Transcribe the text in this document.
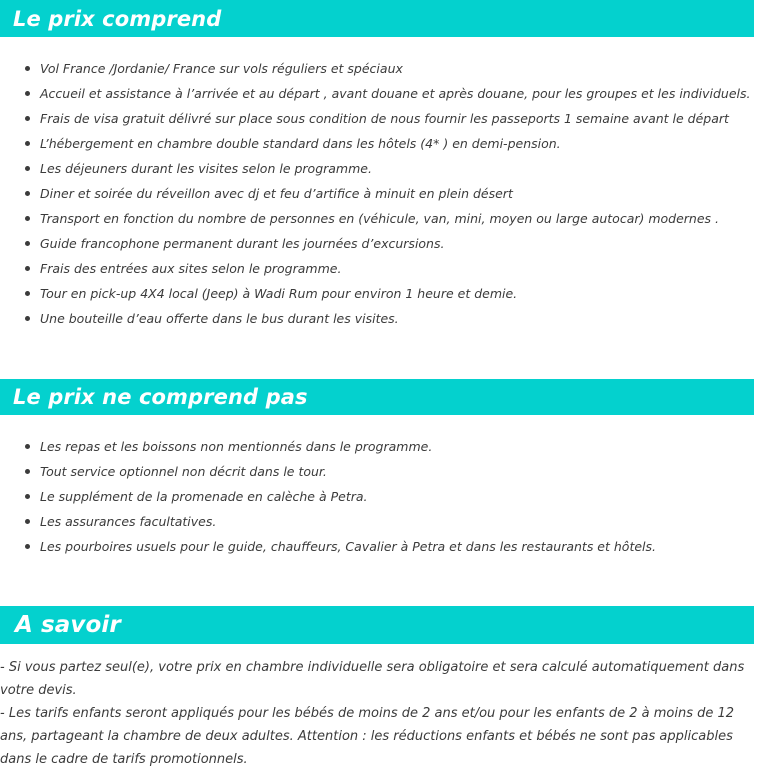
Le prix comprend
Vol France /Jordanie/ France sur vols réguliers et spéciaux
Accueil et assistance à l’arrivée et au départ , avant douane et après douane, pour les groupes et les individuels.
Frais de visa gratuit délivré sur place sous condition de nous fournir les passeports 1 semaine avant le départ
L’hébergement en chambre double standard dans les hôtels (4* ) en demi-pension.
Les déjeuners durant les visites selon le programme.
Diner et soirée du réveillon avec dj et feu d’artifice à minuit en plein désert
Transport en fonction du nombre de personnes en (véhicule, van, mini, moyen ou large autocar) modernes .
Guide francophone permanent durant les journées d’excursions.
Frais des entrées aux sites selon le programme.
Tour en pick-up 4X4 local (Jeep) à Wadi Rum pour environ 1 heure et demie.
Une bouteille d’eau offerte dans le bus durant les visites.
Le prix ne comprend pas
Les repas et les boissons non mentionnés dans le programme.
Tout service optionnel non décrit dans le tour.
Le supplément de la promenade en calèche à Petra.
Les assurances facultatives.
Les pourboires usuels pour le guide, chauffeurs, Cavalier à Petra et dans les restaurants et hôtels.
A savoir

- Si vous partez seul(e), votre prix en chambre individuelle sera obligatoire et sera calculé automatiquement dans votre devis.

- Les tarifs enfants seront appliqués pour les bébés de moins de 2 ans et/ou pour les enfants de 2 à moins de 12 ans, partageant la chambre de deux adultes. Attention : les réductions enfants et bébés ne sont pas applicables dans le cadre de tarifs promotionnels.
